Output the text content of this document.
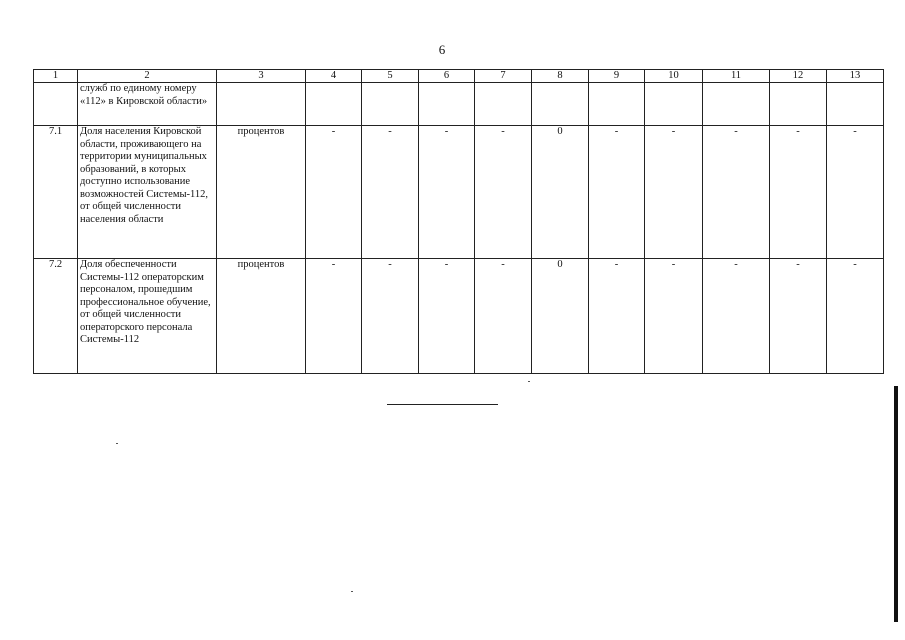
6
1	2	3	4	5	6	7	8	9	10	11	12	13
	служб по единому номеру «112» в Кировской области»											
7.1	Доля населения Кировской области, проживающего на территории муниципальных образований, в которых доступно использование возможностей Системы-112, от общей численности населения области	процентов	-	-	-	-	0	-	-	-	-	-
7.2	Доля обеспеченности Системы-112 операторским персоналом, прошедшим профессиональное обучение, от общей численности операторского персонала Системы-112	процентов	-	-	-	-	0	-	-	-	-	-
